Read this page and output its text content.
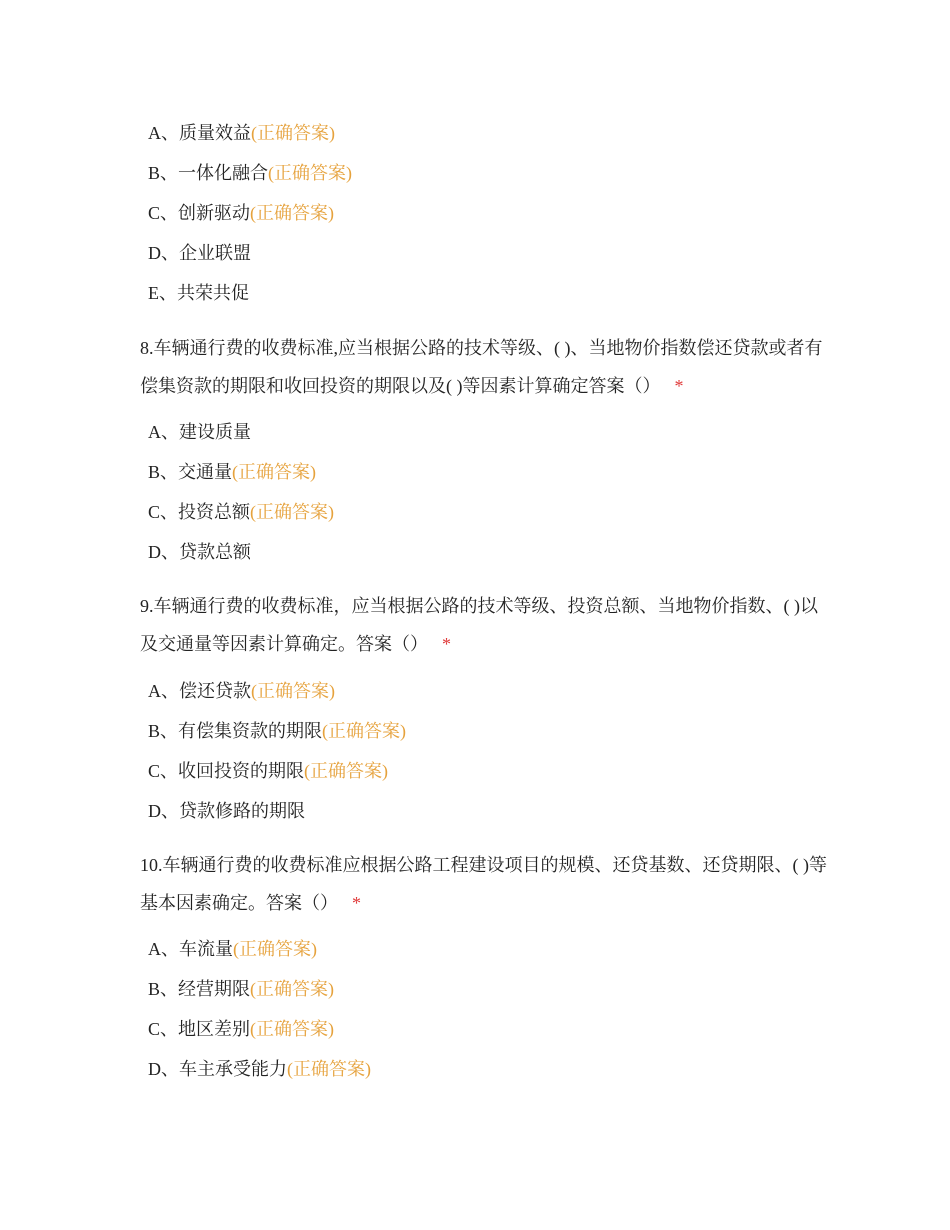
A、质量效益(正确答案)
B、一体化融合(正确答案)
C、创新驱动(正确答案)
D、企业联盟
E、共荣共促
8.车辆通行费的收费标准,应当根据公路的技术等级、( )、当地物价指数偿还贷款或者有偿集资款的期限和收回投资的期限以及( )等因素计算确定答案（） *
A、建设质量
B、交通量(正确答案)
C、投资总额(正确答案)
D、贷款总额
9.车辆通行费的收费标准，应当根据公路的技术等级、投资总额、当地物价指数、( )以及交通量等因素计算确定。答案（） *
A、偿还贷款(正确答案)
B、有偿集资款的期限(正确答案)
C、收回投资的期限(正确答案)
D、贷款修路的期限
10.车辆通行费的收费标准应根据公路工程建设项目的规模、还贷基数、还贷期限、( )等基本因素确定。答案（） *
A、车流量(正确答案)
B、经营期限(正确答案)
C、地区差别(正确答案)
D、车主承受能力(正确答案)
